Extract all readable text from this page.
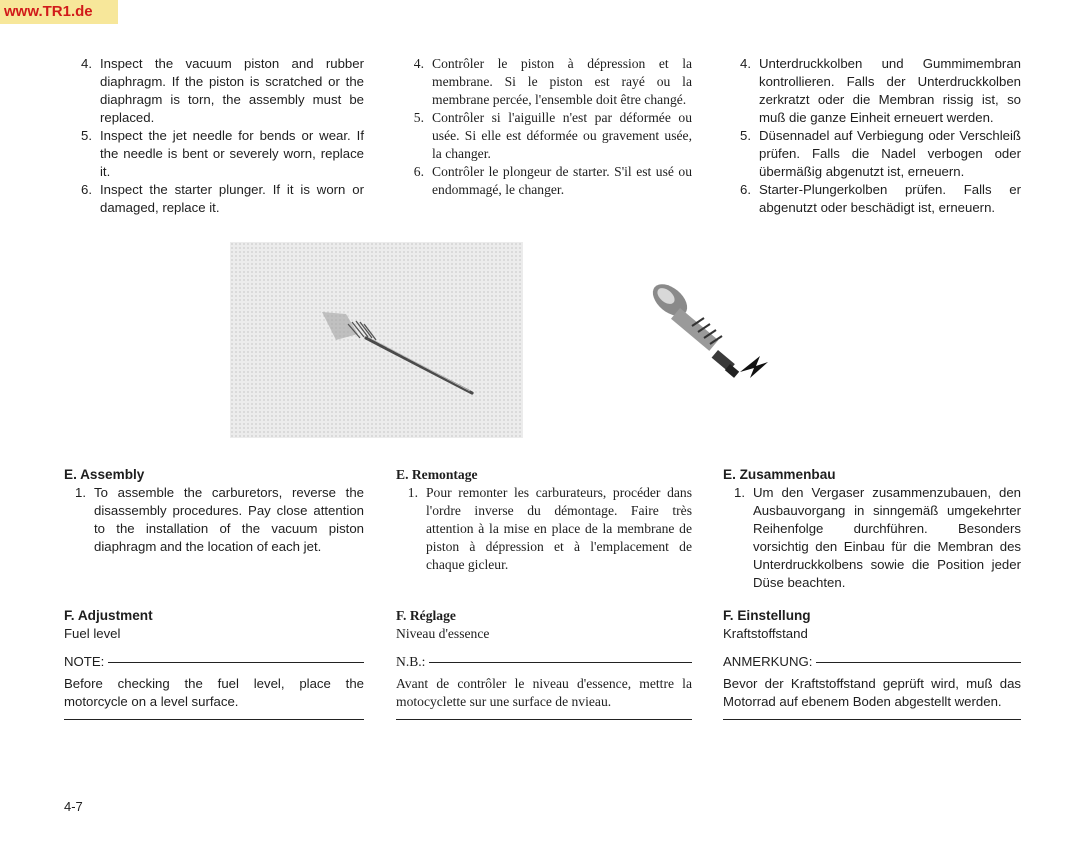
www.TR1.de
4. Inspect the vacuum piston and rubber diaphragm. If the piston is scratched or the diaphragm is torn, the assembly must be replaced.
5. Inspect the jet needle for bends or wear. If the needle is bent or severely worn, replace it.
6. Inspect the starter plunger. If it is worn or damaged, replace it.
4. Contrôler le piston à dépression et la membrane. Si le piston est rayé ou la membrane percée, l'ensemble doit être changé.
5. Contrôler si l'aiguille n'est par déformée ou usée. Si elle est déformée ou gravement usée, la changer.
6. Contrôler le plongeur de starter. S'il est usé ou endommagé, le changer.
4. Unterdruckkolben und Gummimembran kontrollieren. Falls der Unterdruckkolben zerkratzt oder die Membran rissig ist, so muß die ganze Einheit erneuert werden.
5. Düsennadel auf Verbiegung oder Verschleiß prüfen. Falls die Nadel verbogen oder übermäßig abgenutzt ist, erneuern.
6. Starter-Plungerkolben prüfen. Falls er abgenutzt oder beschädigt ist, erneuern.

E. Assembly

1. To assemble the carburetors, reverse the disassembly procedures. Pay close attention to the installation of the vacuum piston diaphragm and the location of each jet.

E. Remontage

1. Pour remonter les carburateurs, procéder dans l'ordre inverse du démontage. Faire très attention à la mise en place de la membrane de piston à dépression et à l'emplacement de chaque gicleur.

E. Zusammenbau

1. Um den Vergaser zusammenzubauen, den Ausbauvorgang in sinngemäß umgekehrter Reihenfolge durchführen. Besonders vorsichtig den Einbau für die Membran des Unterdruckkolbens sowie die Position jeder Düse beachten.

F. Adjustment

Fuel level
NOTE:
Before checking the fuel level, place the motorcycle on a level surface.

F. Réglage

Niveau d'essence
N.B.:
Avant de contrôler le niveau d'essence, mettre la motocyclette sur une surface de nvieau.

F. Einstellung

Kraftstoffstand
ANMERKUNG:
Bevor der Kraftstoffstand geprüft wird, muß das Motorrad auf ebenem Boden abgestellt werden.
4-7
